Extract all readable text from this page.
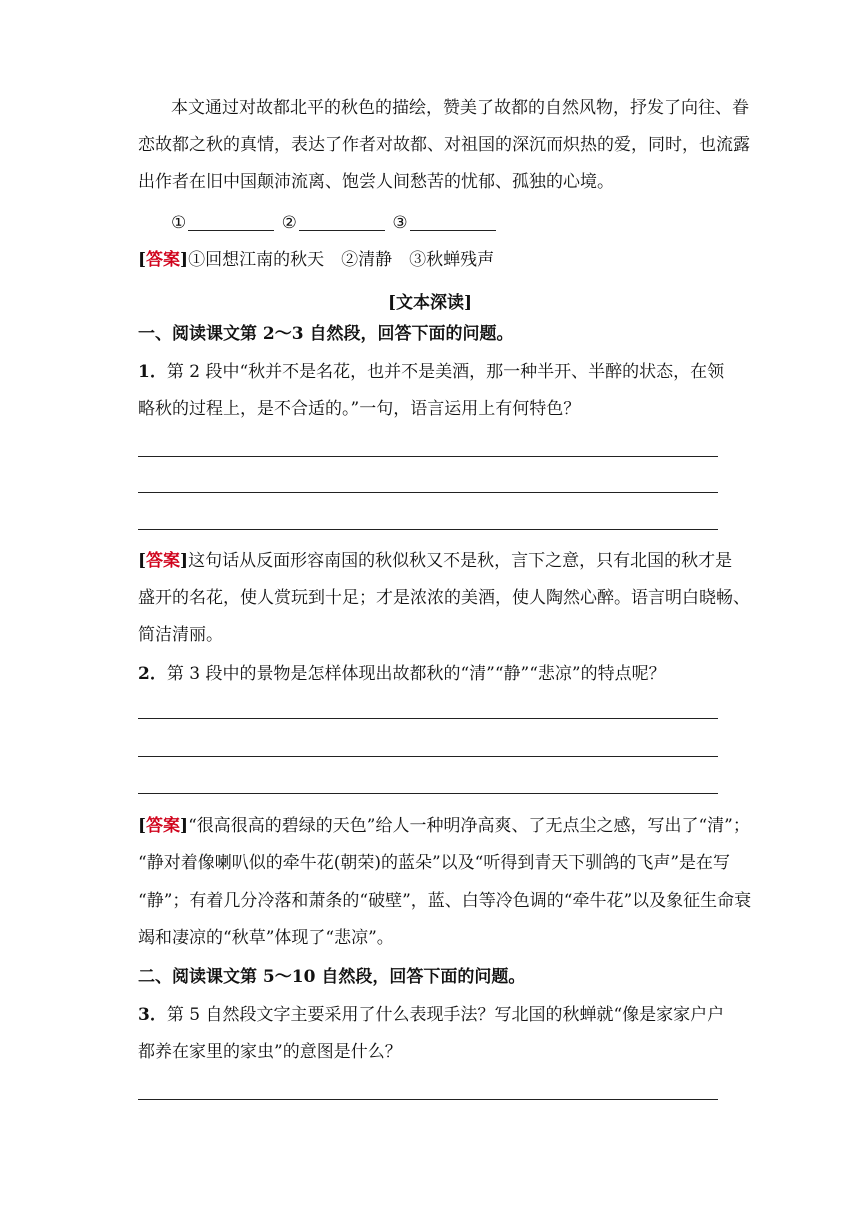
本文通过对故都北平的秋色的描绘，赞美了故都的自然风物，抒发了向往、眷
恋故都之秋的真情，表达了作者对故都、对祖国的深沉而炽热的爱，同时，也流露
出作者在旧中国颠沛流离、饱尝人间愁苦的忧郁、孤独的心境。
①	②	③
[答案]①回想江南的秋天　②清静　③秋蝉残声
[文本深读]
一、阅读课文第 2～3 自然段，回答下面的问题。
1．第 2 段中“秋并不是名花，也并不是美酒，那一种半开、半醉的状态，在领
略秋的过程上，是不合适的。”一句，语言运用上有何特色？
[答案]这句话从反面形容南国的秋似秋又不是秋，言下之意，只有北国的秋才是
盛开的名花，使人赏玩到十足；才是浓浓的美酒，使人陶然心醉。语言明白晓畅、
简洁清丽。
2．第 3 段中的景物是怎样体现出故都秋的“清”“静”“悲凉”的特点呢？
[答案]“很高很高的碧绿的天色”给人一种明净高爽、了无点尘之感，写出了“清”；
“静对着像喇叭似的牵牛花(朝荣)的蓝朵”以及“听得到青天下驯鸽的飞声”是在写
“静”；有着几分冷落和萧条的“破壁”，蓝、白等冷色调的“牵牛花”以及象征生命衰
竭和凄凉的“秋草”体现了“悲凉”。
二、阅读课文第 5～10 自然段，回答下面的问题。
3．第 5 自然段文字主要采用了什么表现手法？写北国的秋蝉就“像是家家户户
都养在家里的家虫”的意图是什么？
